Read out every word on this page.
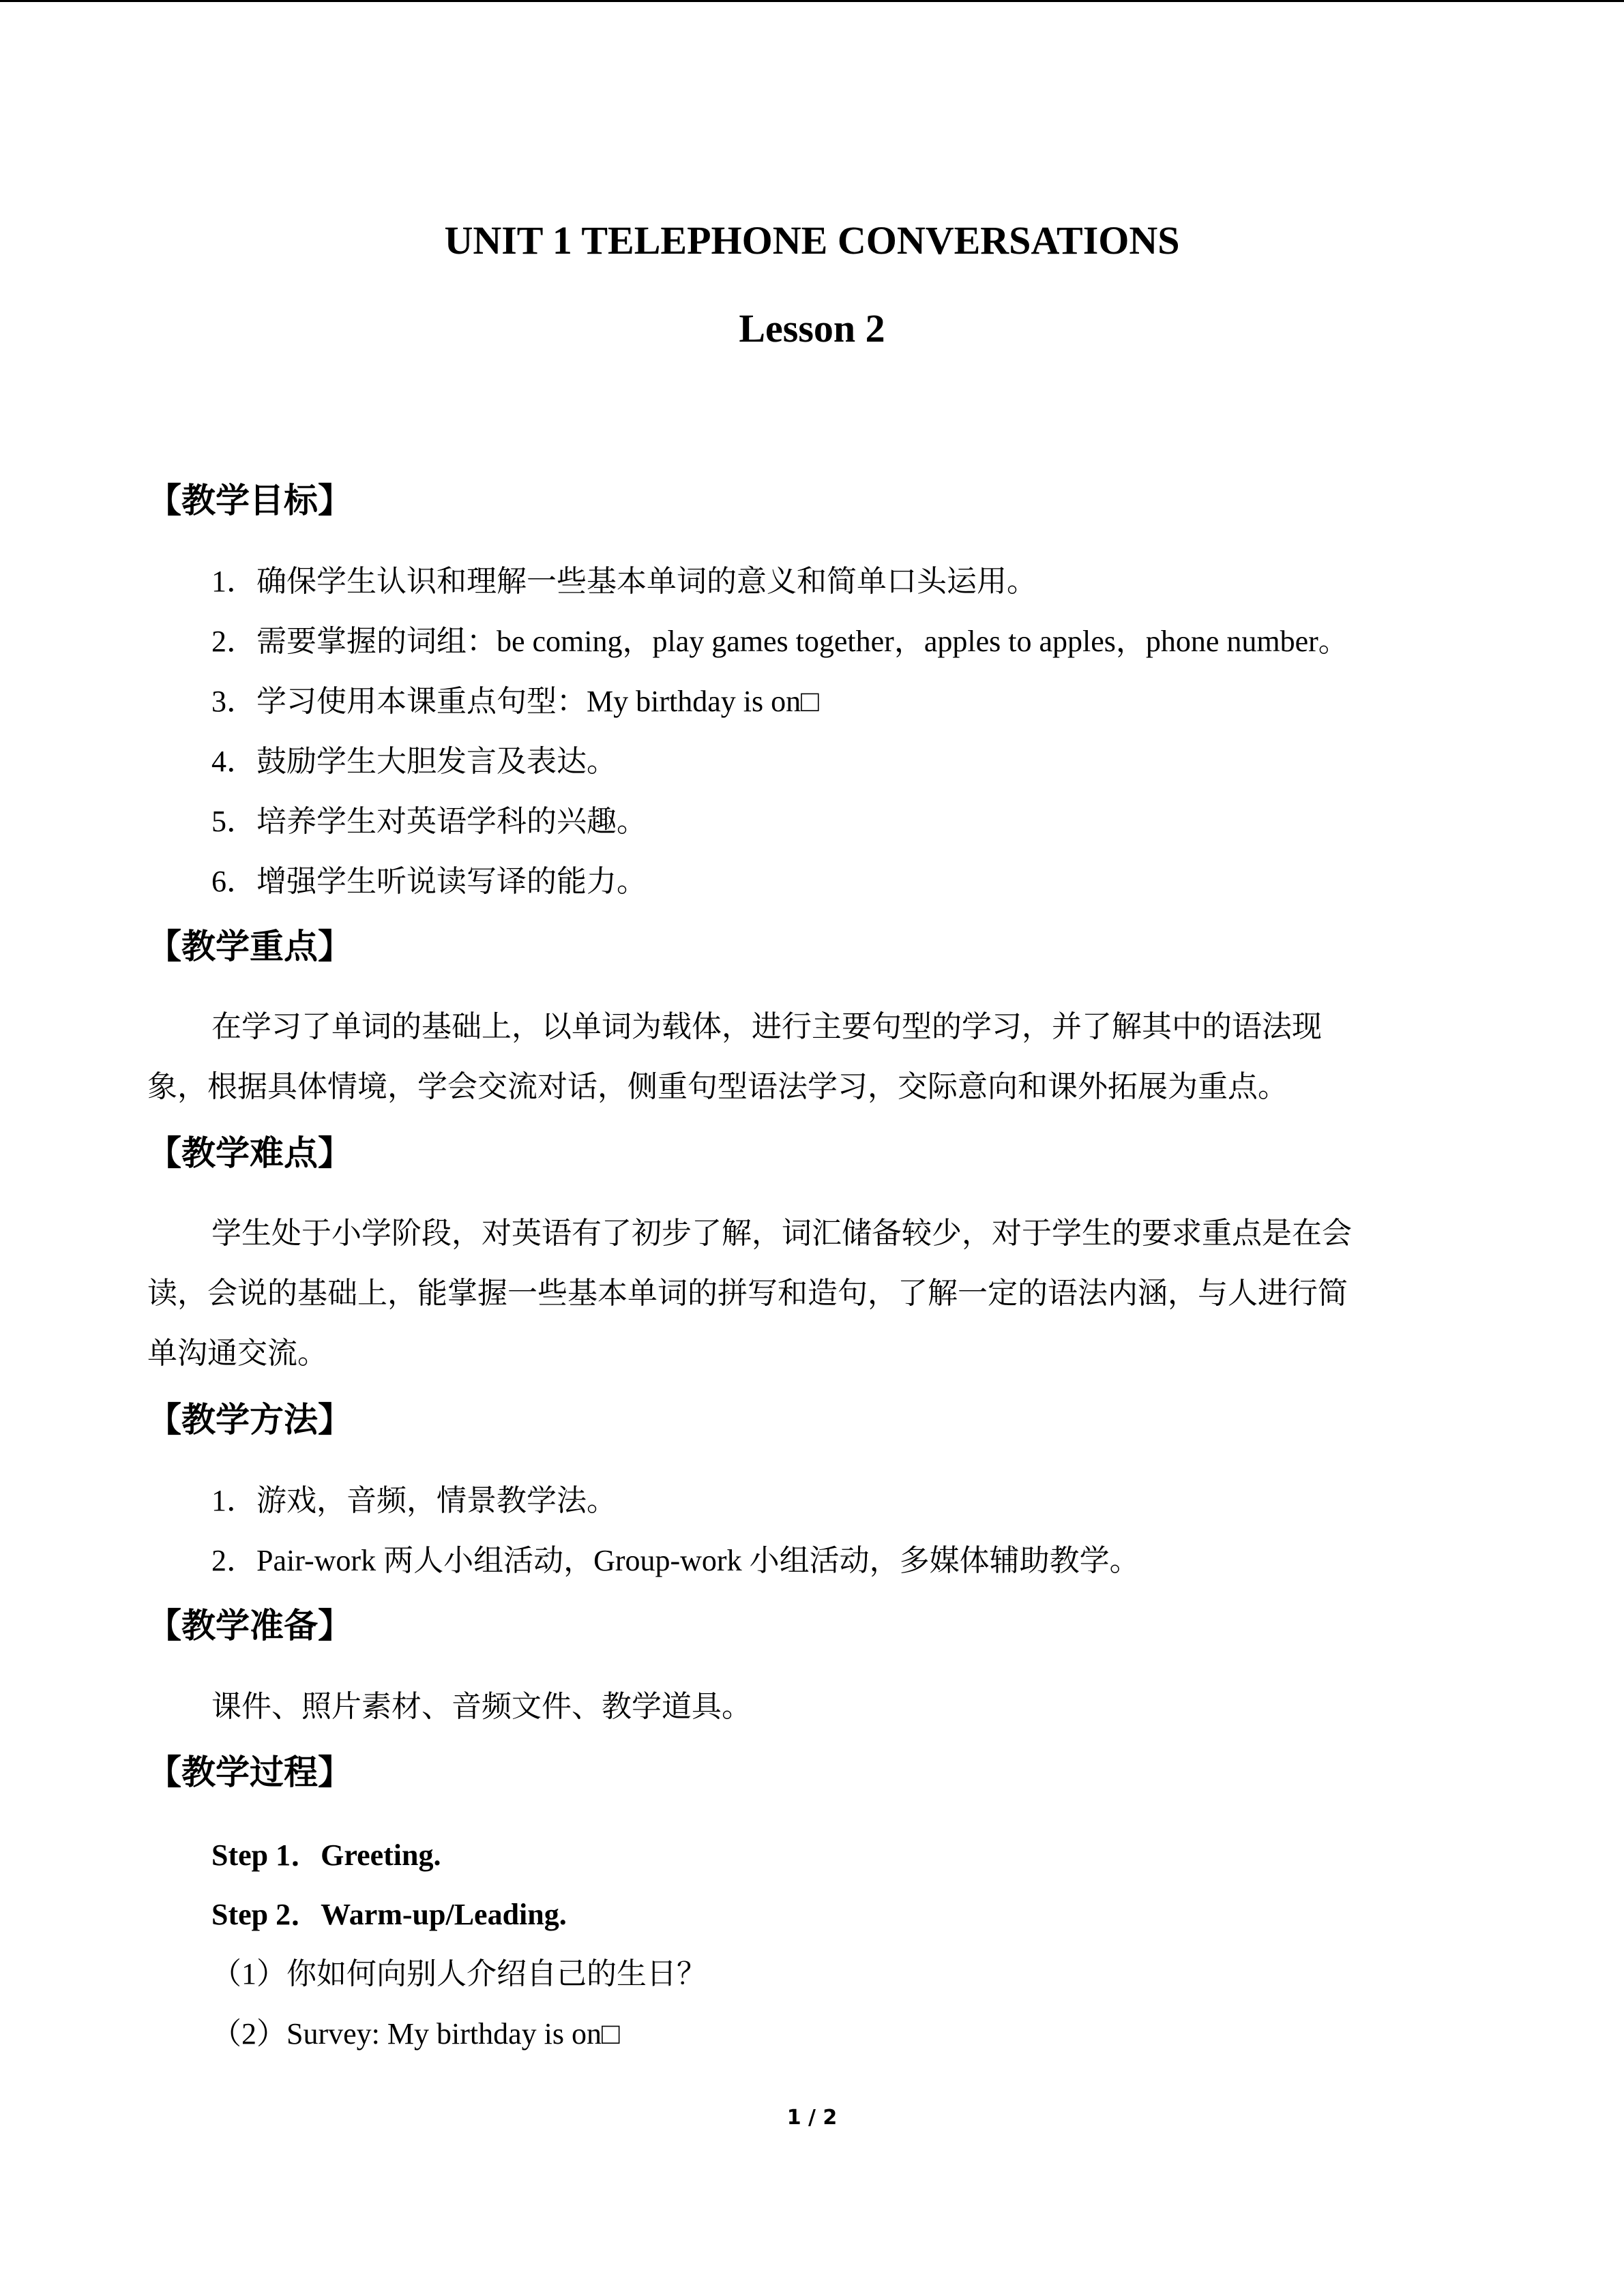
UNIT 1 TELEPHONE CONVERSATIONS
Lesson 2
【教学目标】
1．确保学生认识和理解一些基本单词的意义和简单口头运用。
2．需要掌握的词组：be coming，play games together，apples to apples，phone number。
3．学习使用本课重点句型：My birthday is on□
4．鼓励学生大胆发言及表达。
5．培养学生对英语学科的兴趣。
6．增强学生听说读写译的能力。
【教学重点】
在学习了单词的基础上，以单词为载体，进行主要句型的学习，并了解其中的语法现
象，根据具体情境，学会交流对话，侧重句型语法学习，交际意向和课外拓展为重点。
【教学难点】
学生处于小学阶段，对英语有了初步了解，词汇储备较少，对于学生的要求重点是在会
读，会说的基础上，能掌握一些基本单词的拼写和造句，了解一定的语法内涵，与人进行简
单沟通交流。
【教学方法】
1．游戏，音频，情景教学法。
2．Pair-work 两人小组活动，Group-work 小组活动，多媒体辅助教学。
【教学准备】
课件、照片素材、音频文件、教学道具。
【教学过程】
Step 1．Greeting.
Step 2．Warm-up/Leading.
（1）你如何向别人介绍自己的生日？
（2）Survey: My birthday is on□
1 / 2
